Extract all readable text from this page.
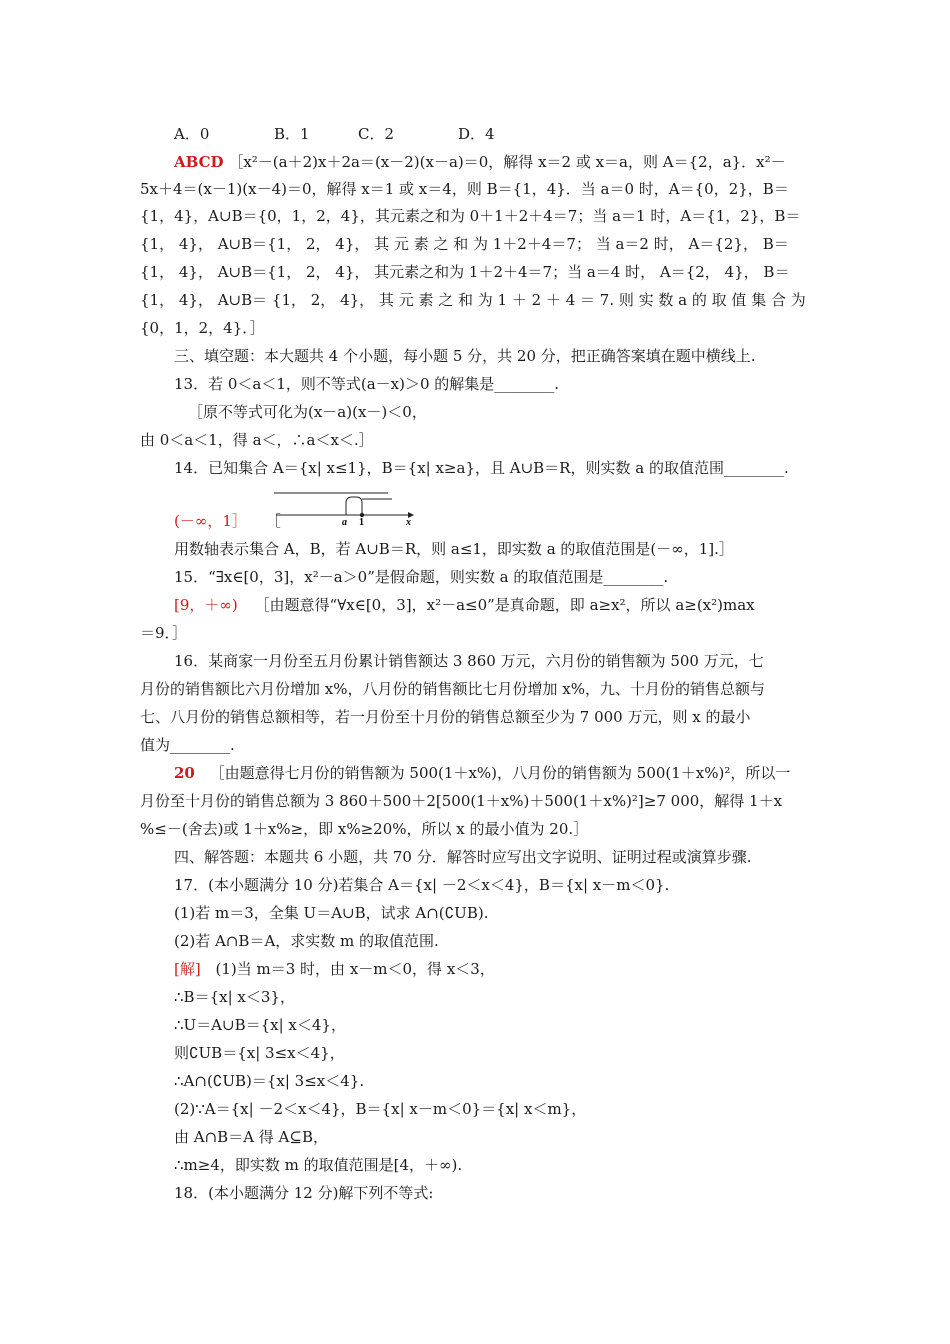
A．0	B．1	C．2	D．4
ABCD ［x²－(a＋2)x＋2a＝(x－2)(x－a)＝0，解得 x＝2 或 x＝a，则 A＝{2，a}．x²－
5x＋4＝(x－1)(x－4)＝0，解得 x＝1 或 x＝4，则 B＝{1，4}．当 a＝0 时，A＝{0，2}，B＝
{1，4}，A∪B＝{0，1，2，4}，其元素之和为 0＋1＋2＋4＝7；当 a＝1 时，A＝{1，2}，B＝
{1， 4}， A∪B＝{1， 2， 4}， 其 元 素 之 和 为 1＋2＋4＝7； 当 a＝2 时， A＝{2}， B＝
{1， 4}， A∪B＝{1， 2， 4}， 其元素之和为 1＋2＋4＝7；当 a＝4 时， A＝{2， 4}， B＝
{1， 4}， A∪B＝ {1， 2， 4}， 其 元 素 之 和 为 1 ＋ 2 ＋ 4 ＝ 7. 则 实 数 a 的 取 值 集 合 为
{0，1，2，4}．］
三、填空题：本大题共 4 个小题，每小题 5 分，共 20 分，把正确答案填在题中横线上.
13．若 0＜a＜1，则不等式(a－x)＞0 的解集是________.
［原不等式可化为(x－a)(x－)＜0，
由 0＜a＜1，得 a＜，∴a＜x＜.］
14．已知集合 A＝{x| x≤1}，B＝{x| x≥a}，且 A∪B＝R，则实数 a 的取值范围________.
(－∞，1］ ［	a 1	x
用数轴表示集合 A，B，若 A∪B＝R，则 a≤1，即实数 a 的取值范围是(－∞，1].］
15．“∃x∈[0，3]，x²－a＞0”是假命题，则实数 a 的取值范围是________.
[9，＋∞) ［由题意得“∀x∈[0，3]，x²－a≤0”是真命题，即 a≥x²，所以 a≥(x²)max
＝9．］
16．某商家一月份至五月份累计销售额达 3 860 万元，六月份的销售额为 500 万元，七
月份的销售额比六月份增加 x%，八月份的销售额比七月份增加 x%，九、十月份的销售总额与
七、八月份的销售总额相等，若一月份至十月份的销售总额至少为 7 000 万元，则 x 的最小
值为________.
20 ［由题意得七月份的销售额为 500(1＋x%)，八月份的销售额为 500(1＋x%)²，所以一
月份至十月份的销售总额为 3 860＋500＋2[500(1＋x%)＋500(1＋x%)²]≥7 000，解得 1＋x
%≤－(舍去)或 1＋x%≥，即 x%≥20%，所以 x 的最小值为 20.］
四、解答题：本题共 6 小题，共 70 分．解答时应写出文字说明、证明过程或演算步骤.
17．(本小题满分 10 分)若集合 A＝{x| －2＜x＜4}，B＝{x| x－m＜0}.
(1)若 m＝3，全集 U＝A∪B，试求 A∩(∁UB).
(2)若 A∩B＝A，求实数 m 的取值范围.
[解] (1)当 m＝3 时，由 x－m＜0，得 x＜3，
∴B＝{x| x＜3}，
∴U＝A∪B＝{x| x＜4}，
则∁UB＝{x| 3≤x＜4}，
∴A∩(∁UB)＝{x| 3≤x＜4}.
(2)∵A＝{x| －2＜x＜4}，B＝{x| x－m＜0}＝{x| x＜m}，
由 A∩B＝A 得 A⊆B，
∴m≥4，即实数 m 的取值范围是[4，＋∞).
18．(本小题满分 12 分)解下列不等式:
